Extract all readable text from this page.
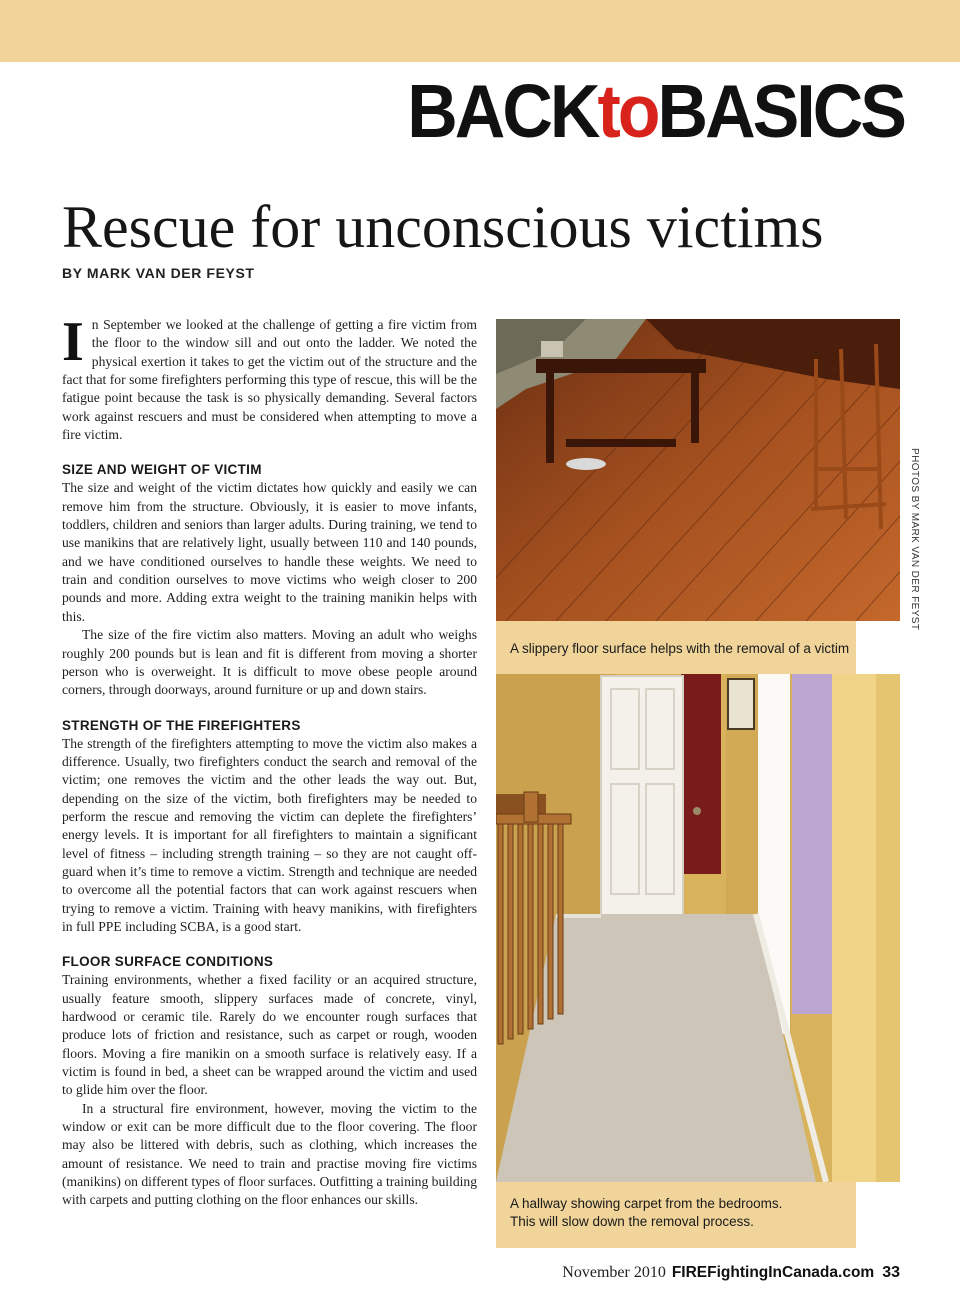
BACKtoBASICS
Rescue for unconscious victims
BY MARK VAN DER FEYST

In September we looked at the challenge of getting a fire victim from the floor to the window sill and out onto the ladder. We noted the physical exertion it takes to get the victim out of the structure and the fact that for some firefighters performing this type of rescue, this will be the fatigue point because the task is so physically demanding. Several factors work against rescuers and must be considered when attempting to move a fire victim.

SIZE AND WEIGHT OF VICTIM

The size and weight of the victim dictates how quickly and easily we can remove him from the structure. Obviously, it is easier to move infants, toddlers, children and seniors than larger adults. During training, we tend to use manikins that are relatively light, usually between 110 and 140 pounds, and we have conditioned ourselves to handle these weights. We need to train and condition ourselves to move victims who weigh closer to 200 pounds and more. Adding extra weight to the training manikin helps with this.

The size of the fire victim also matters. Moving an adult who weighs roughly 200 pounds but is lean and fit is different from moving a shorter person who is overweight. It is difficult to move obese people around corners, through doorways, around furniture or up and down stairs.

STRENGTH OF THE FIREFIGHTERS

The strength of the firefighters attempting to move the victim also makes a difference. Usually, two firefighters conduct the search and removal of the victim; one removes the victim and the other leads the way out. But, depending on the size of the victim, both firefighters may be needed to perform the rescue and removing the victim can deplete the firefighters’ energy levels. It is important for all firefighters to maintain a significant level of fitness – including strength training – so they are not caught off-guard when it’s time to remove a victim. Strength and technique are needed to overcome all the potential factors that can work against rescuers when trying to remove a victim. Training with heavy manikins, with firefighters in full PPE including SCBA, is a good start.

FLOOR SURFACE CONDITIONS

Training environments, whether a fixed facility or an acquired structure, usually feature smooth, slippery surfaces made of concrete, vinyl, hardwood or ceramic tile. Rarely do we encounter rough surfaces that produce lots of friction and resistance, such as carpet or rough, wooden floors. Moving a fire manikin on a smooth surface is relatively easy. If a victim is found in bed, a sheet can be wrapped around the victim and used to glide him over the floor.

In a structural fire environment, however, moving the victim to the window or exit can be more difficult due to the floor covering. The floor may also be littered with debris, such as clothing, which increases the amount of resistance. We need to train and practise moving fire victims (manikins) on different types of floor surfaces. Outfitting a training building with carpets and putting clothing on the floor enhances our skills.

PHOTOS BY MARK VAN DER FEYST
A slippery floor surface helps with the removal of a victim
A hallway showing carpet from the bedrooms.
This will slow down the removal process.
November 2010 FIREFightingInCanada.com 33
